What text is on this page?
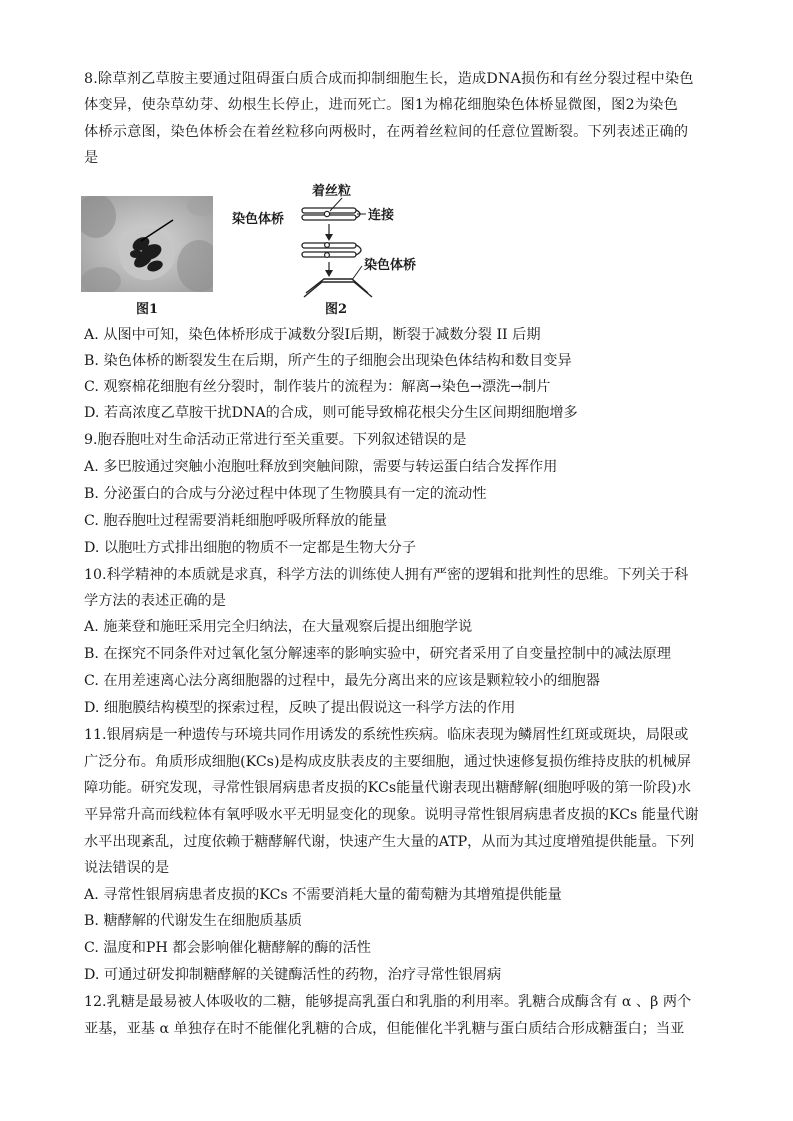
8.除草剂乙草胺主要通过阻碍蛋白质合成而抑制细胞生长，造成DNA损伤和有丝分裂过程中染色
体变异，使杂草幼芽、幼根生长停止，进而死亡。图1为棉花细胞染色体桥显微图，图2为染色
体桥示意图，染色体桥会在着丝粒移向两极时，在两着丝粒间的任意位置断裂。下列表述正确的
是
染色体桥
图1
着丝粒
连接
染色体桥
图2
A. 从图中可知，染色体桥形成于减数分裂I后期，断裂于减数分裂 II 后期
B. 染色体桥的断裂发生在后期，所产生的子细胞会出现染色体结构和数目变异
C. 观察棉花细胞有丝分裂时，制作装片的流程为：解离→染色→漂洗→制片
D. 若高浓度乙草胺干扰DNA的合成，则可能导致棉花根尖分生区间期细胞增多
9.胞吞胞吐对生命活动正常进行至关重要。下列叙述错误的是
A. 多巴胺通过突触小泡胞吐释放到突触间隙，需要与转运蛋白结合发挥作用
B. 分泌蛋白的合成与分泌过程中体现了生物膜具有一定的流动性
C. 胞吞胞吐过程需要消耗细胞呼吸所释放的能量
D. 以胞吐方式排出细胞的物质不一定都是生物大分子
10.科学精神的本质就是求真，科学方法的训练使人拥有严密的逻辑和批判性的思维。下列关于科
学方法的表述正确的是
A. 施莱登和施旺采用完全归纳法，在大量观察后提出细胞学说
B. 在探究不同条件对过氧化氢分解速率的影响实验中，研究者采用了自变量控制中的减法原理
C. 在用差速离心法分离细胞器的过程中，最先分离出来的应该是颗粒较小的细胞器
D. 细胞膜结构模型的探索过程，反映了提出假说这一科学方法的作用
11.银屑病是一种遗传与环境共同作用诱发的系统性疾病。临床表现为鳞屑性红斑或斑块，局限或
广泛分布。角质形成细胞(KCs)是构成皮肤表皮的主要细胞，通过快速修复损伤维持皮肤的机械屏
障功能。研究发现，寻常性银屑病患者皮损的KCs能量代谢表现出糖酵解(细胞呼吸的第一阶段)水
平异常升高而线粒体有氧呼吸水平无明显变化的现象。说明寻常性银屑病患者皮损的KCs 能量代谢
水平出现紊乱，过度依赖于糖酵解代谢，快速产生大量的ATP，从而为其过度增殖提供能量。下列
说法错误的是
A. 寻常性银屑病患者皮损的KCs 不需要消耗大量的葡萄糖为其增殖提供能量
B. 糖酵解的代谢发生在细胞质基质
C. 温度和PH 都会影响催化糖酵解的酶的活性
D. 可通过研发抑制糖酵解的关键酶活性的药物，治疗寻常性银屑病
12.乳糖是最易被人体吸收的二糖，能够提高乳蛋白和乳脂的利用率。乳糖合成酶含有 α 、β 两个
亚基，亚基 α 单独存在时不能催化乳糖的合成，但能催化半乳糖与蛋白质结合形成糖蛋白；当亚
